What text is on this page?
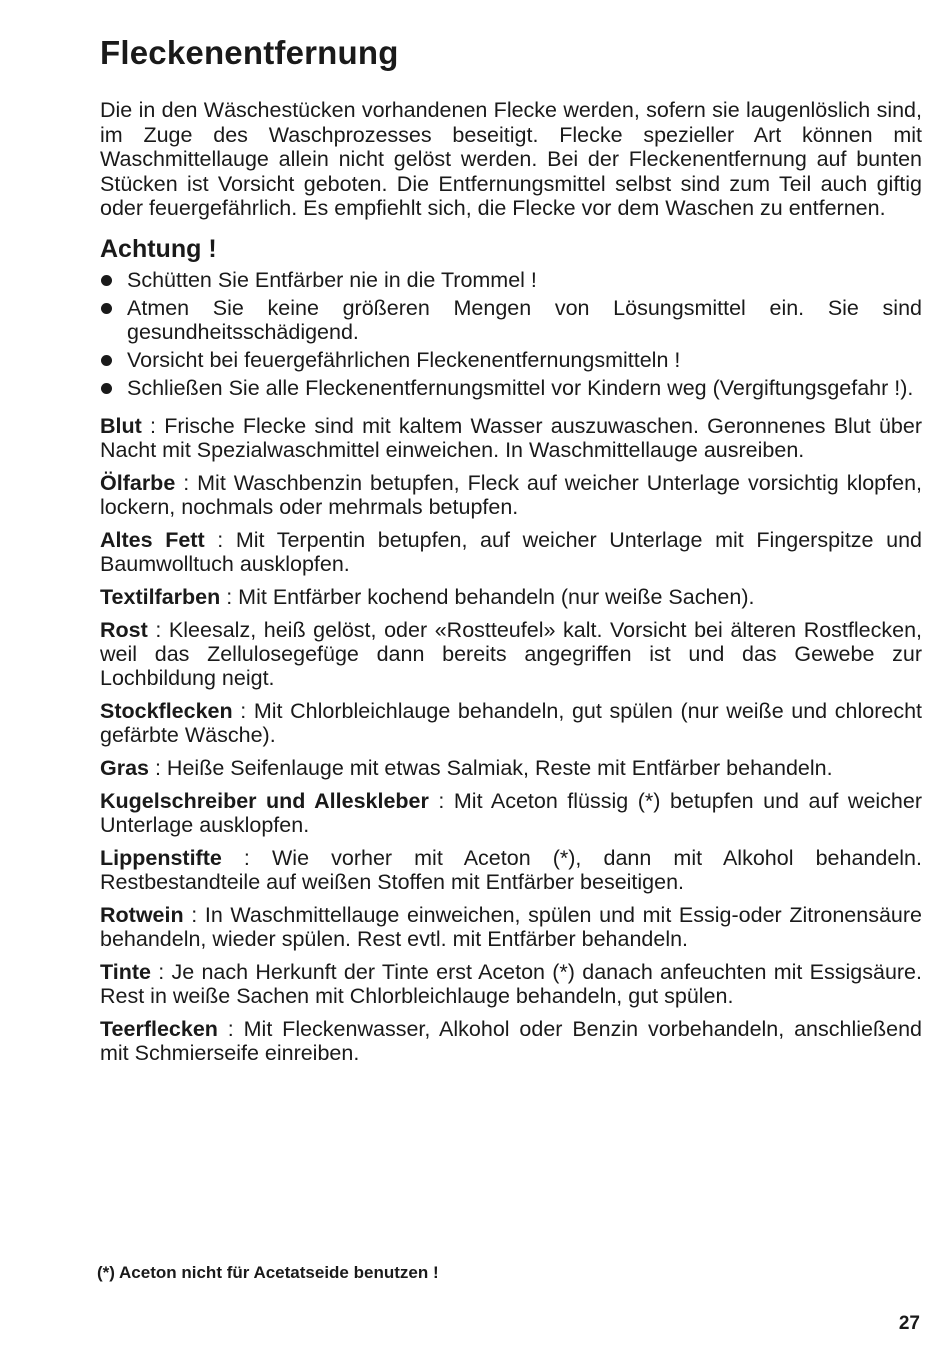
Fleckenentfernung

Die in den Wäschestücken vorhandenen Flecke werden, sofern sie laugenlöslich sind, im Zuge des Waschprozesses beseitigt. Flecke spezieller Art können mit Waschmittellauge allein nicht gelöst werden. Bei der Fleckenentfernung auf bunten Stücken ist Vorsicht geboten. Die Entfernungsmittel selbst sind zum Teil auch giftig oder feuergefährlich. Es empfiehlt sich, die Flecke vor dem Waschen zu entfernen.

Achtung !
Schütten Sie Entfärber nie in die Trommel !
Atmen Sie keine größeren Mengen von Lösungsmittel ein. Sie sind gesundheitsschädigend.
Vorsicht bei feuergefährlichen Fleckenentfernungsmitteln !
Schließen Sie alle Fleckenentfernungsmittel vor Kindern weg (Vergiftungsgefahr !).
Blut : Frische Flecke sind mit kaltem Wasser auszuwaschen. Geronnenes Blut über Nacht mit Spezialwaschmittel einweichen. In Waschmittellauge ausreiben.
Ölfarbe : Mit Waschbenzin betupfen, Fleck auf weicher Unterlage vorsichtig klopfen, lockern, nochmals oder mehrmals betupfen.
Altes Fett : Mit Terpentin betupfen, auf weicher Unterlage mit Fingerspitze und Baumwolltuch ausklopfen.
Textilfarben : Mit Entfärber kochend behandeln (nur weiße Sachen).
Rost : Kleesalz, heiß gelöst, oder «Rostteufel» kalt. Vorsicht bei älteren Rostflecken, weil das Zellulosegefüge dann bereits angegriffen ist und das Gewebe zur Lochbildung neigt.
Stockflecken : Mit Chlorbleichlauge behandeln, gut spülen (nur weiße und chlorecht gefärbte Wäsche).
Gras : Heiße Seifenlauge mit etwas Salmiak, Reste mit Entfärber behandeln.
Kugelschreiber und Alleskleber : Mit Aceton flüssig (*) betupfen und auf weicher Unterlage ausklopfen.
Lippenstifte : Wie vorher mit Aceton (*), dann mit Alkohol behandeln. Restbestandteile auf weißen Stoffen mit Entfärber beseitigen.
Rotwein : In Waschmittellauge einweichen, spülen und mit Essig-oder Zitronensäure behandeln, wieder spülen. Rest evtl. mit Entfärber behandeln.
Tinte : Je nach Herkunft der Tinte erst Aceton (*) danach anfeuchten mit Essigsäure. Rest in weiße Sachen mit Chlorbleichlauge behandeln, gut spülen.
Teerflecken : Mit Fleckenwasser, Alkohol oder Benzin vorbehandeln, anschließend mit Schmierseife einreiben.
(*) Aceton nicht für Acetatseide benutzen !
27
